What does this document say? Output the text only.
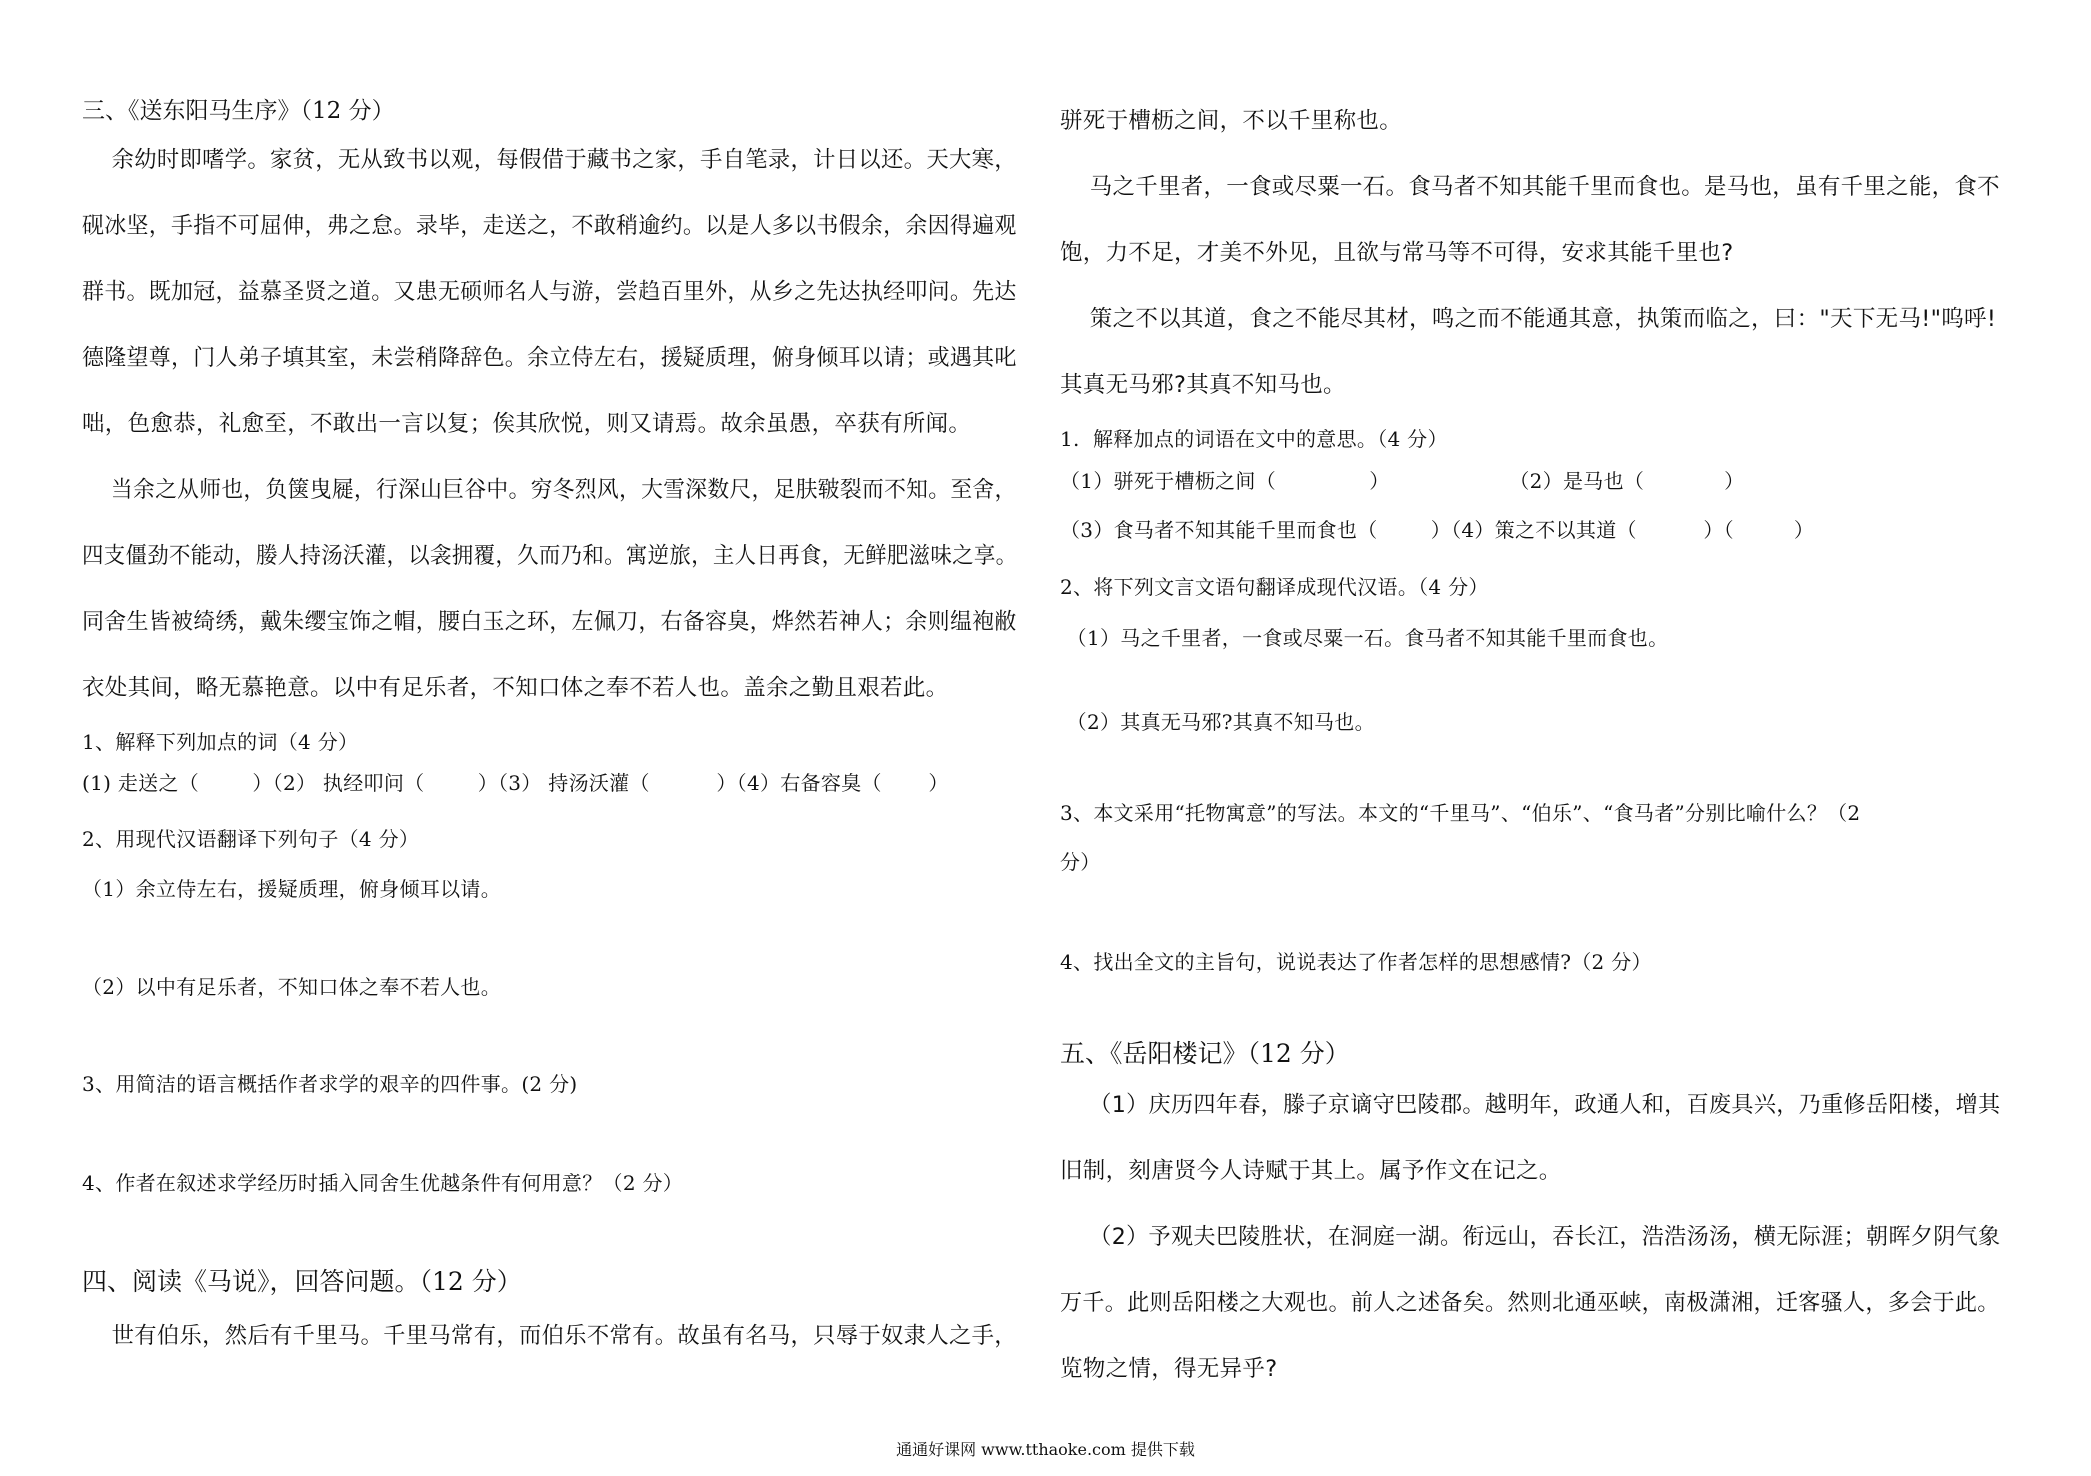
三、《送东阳马生序》（12 分）
余幼时即嗜学。家贫，无从致书以观，每假借于藏书之家，手自笔录，计日以还。天大寒，
砚冰坚，手指不可屈伸，弗之怠。录毕，走送之，不敢稍逾约。以是人多以书假余，余因得遍观
群书。既加冠，益慕圣贤之道。又患无硕师名人与游，尝趋百里外，从乡之先达执经叩问。先达
德隆望尊，门人弟子填其室，未尝稍降辞色。余立侍左右，援疑质理，俯身倾耳以请；或遇其叱
咄，色愈恭，礼愈至，不敢出一言以复；俟其欣悦，则又请焉。故余虽愚，卒获有所闻。
当余之从师也，负箧曳屣，行深山巨谷中。穷冬烈风，大雪深数尺，足肤皲裂而不知。至舍，
四支僵劲不能动，媵人持汤沃灌，以衾拥覆，久而乃和。寓逆旅，主人日再食，无鲜肥滋味之享。
同舍生皆被绮绣，戴朱缨宝饰之帽，腰白玉之环，左佩刀，右备容臭，烨然若神人；余则缊袍敝
衣处其间，略无慕艳意。以中有足乐者，不知口体之奉不若人也。盖余之勤且艰若此。
1、解释下列加点的词（4 分）
(1) 走送之（        ）（2） 执经叩问（        ）（3） 持汤沃灌（          ）（4）右备容臭（       ）
2、用现代汉语翻译下列句子（4 分）
（1）余立侍左右，援疑质理，俯身倾耳以请。
（2）以中有足乐者，不知口体之奉不若人也。
3、用简洁的语言概括作者求学的艰辛的四件事。(2 分)
4、作者在叙述求学经历时插入同舍生优越条件有何用意？（2 分）
四、阅读《马说》，回答问题。（12 分）
世有伯乐，然后有千里马。千里马常有，而伯乐不常有。故虽有名马，只辱于奴隶人之手，
骈死于槽枥之间，不以千里称也。
马之千里者，一食或尽粟一石。食马者不知其能千里而食也。是马也，虽有千里之能，食不
饱，力不足，才美不外见，且欲与常马等不可得，安求其能千里也?
策之不以其道，食之不能尽其材，鸣之而不能通其意，执策而临之，曰："天下无马!"呜呼!
其真无马邪?其真不知马也。
1.  解释加点的词语在文中的意思。（4 分）
（1）骈死于槽枥之间（              ）                  （2）是马也（            ）
（3）食马者不知其能千里而食也（        ）（4）策之不以其道（          ）（         ）
2、将下列文言文语句翻译成现代汉语。（4 分）
（1）马之千里者，一食或尽粟一石。食马者不知其能千里而食也。
（2）其真无马邪?其真不知马也。
3、本文采用“托物寓意”的写法。本文的“千里马”、“伯乐”、“食马者”分别比喻什么？（2
分）
4、找出全文的主旨句，说说表达了作者怎样的思想感情?（2 分）
五、《岳阳楼记》（12 分）
（1）庆历四年春，滕子京谪守巴陵郡。越明年，政通人和，百废具兴，乃重修岳阳楼，增其
旧制，刻唐贤今人诗赋于其上。属予作文在记之。
（2）予观夫巴陵胜状，在洞庭一湖。衔远山，吞长江，浩浩汤汤，横无际涯；朝晖夕阴气象
万千。此则岳阳楼之大观也。前人之述备矣。然则北通巫峡，南极潇湘，迁客骚人，多会于此。
览物之情，得无异乎?
通通好课网 www.tthaoke.com 提供下载
